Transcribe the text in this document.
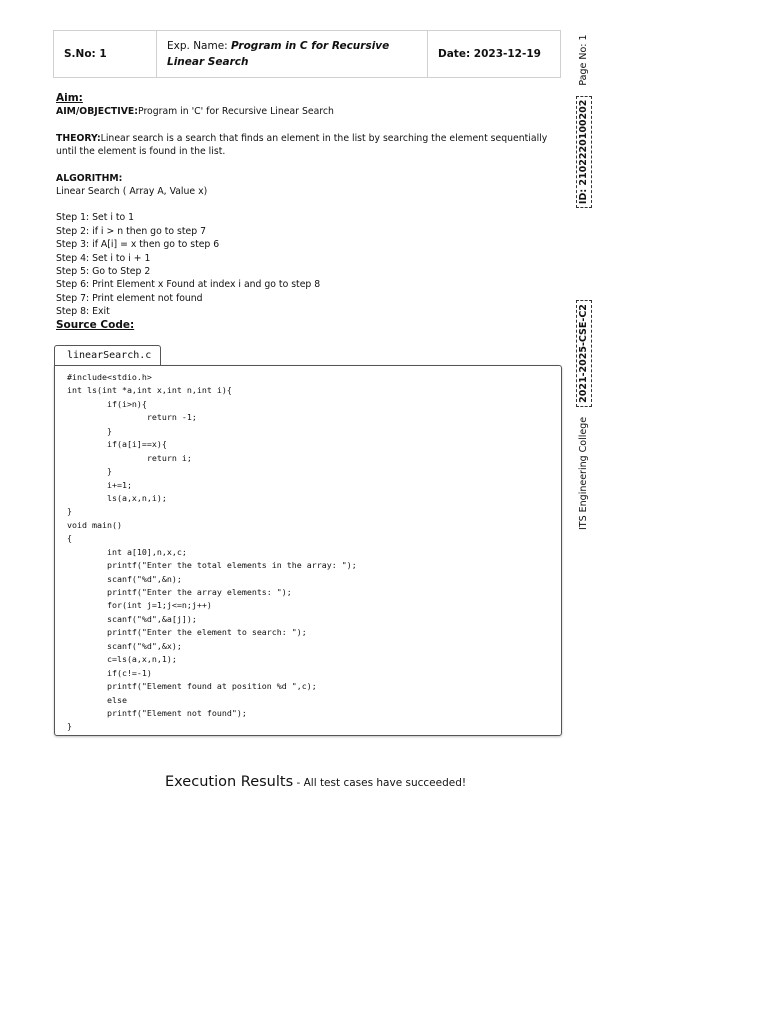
S.No: 1	Exp. Name: Program in C for Recursive Linear Search	Date: 2023-12-19
Aim:
AIM/OBJECTIVE:Program in 'C' for Recursive Linear Search
THEORY:Linear search is a search that finds an element in the list by searching the element sequentially until the element is found in the list.
ALGORITHM:
Linear Search ( Array A, Value x)
Step 1: Set i to 1
Step 2: if i > n then go to step 7
Step 3: if A[i] = x then go to step 6
Step 4: Set i to i + 1
Step 5: Go to Step 2
Step 6: Print Element x Found at index i and go to step 8
Step 7: Print element not found
Step 8: Exit
Source Code:
linearSearch.c
#include<stdio.h>
int ls(int *a,int x,int n,int i){
if(i>n){
return -1;
}
if(a[i]==x){
return i;
}
i+=1;
ls(a,x,n,i);
}
void main()
{
int a[10],n,x,c;
printf("Enter the total elements in the array: ");
scanf("%d",&n);
printf("Enter the array elements: ");
for(int j=1;j<=n;j++)
scanf("%d",&a[j]);
printf("Enter the element to search: ");
scanf("%d",&x);
c=ls(a,x,n,1);
if(c!=-1)
printf("Element found at position %d ",c);
else
printf("Element not found");
}
Execution Results - All test cases have succeeded!
ITS Engineering College
2021-2025-CSE-C2
ID: 2102220100202
Page No: 1
